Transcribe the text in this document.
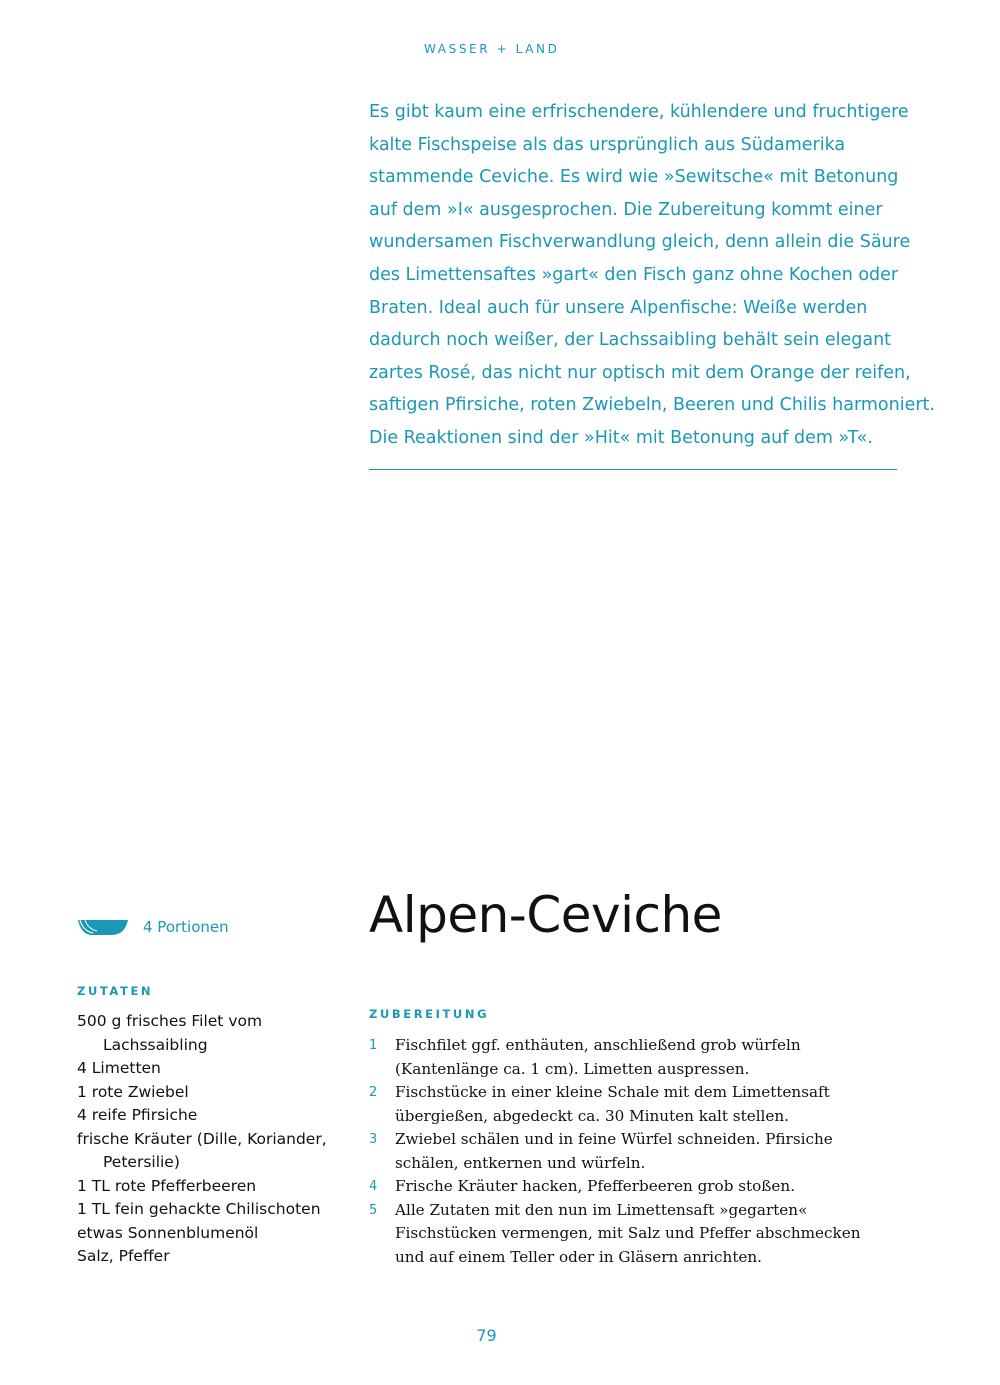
WASSER + LAND

Es gibt kaum eine erfrischendere, kühlendere und fruchtigere
kalte Fischspeise als das ursprünglich aus Südamerika
stammende Ceviche. Es wird wie »Sewitsche« mit Betonung
auf dem »I« ausgesprochen. Die Zubereitung kommt einer
wundersamen Fischverwandlung gleich, denn allein die Säure
des Limettensaftes »gart« den Fisch ganz ohne Kochen oder
Braten. Ideal auch für unsere Alpenfische: Weiße werden
dadurch noch weißer, der Lachssaibling behält sein elegant
zartes Rosé, das nicht nur optisch mit dem Orange der reifen,
saftigen Pfirsiche, roten Zwiebeln, Beeren und Chilis harmoniert.
Die Reaktionen sind der »Hit« mit Betonung auf dem »T«.

Alpen-Ceviche
4 Portionen
ZUTATEN
500 g frisches Filet vom Lachssaibling
4 Limetten
1 rote Zwiebel
4 reife Pfirsiche
frische Kräuter (Dille, Koriander, Petersilie)
1 TL rote Pfefferbeeren
1 TL fein gehackte Chilischoten
etwas Sonnenblumenöl
Salz, Pfeffer
ZUBEREITUNG
1 Fischfilet ggf. enthäuten, anschließend grob würfeln (Kantenlänge ca. 1 cm). Limetten auspressen.
2 Fischstücke in einer kleine Schale mit dem Limettensaft übergießen, abgedeckt ca. 30 Minuten kalt stellen.
3 Zwiebel schälen und in feine Würfel schneiden. Pfirsiche schälen, entkernen und würfeln.
4 Frische Kräuter hacken, Pfefferbeeren grob stoßen.
5 Alle Zutaten mit den nun im Limettensaft »gegarten« Fischstücken vermengen, mit Salz und Pfeffer abschmecken und auf einem Teller oder in Gläsern anrichten.
79
